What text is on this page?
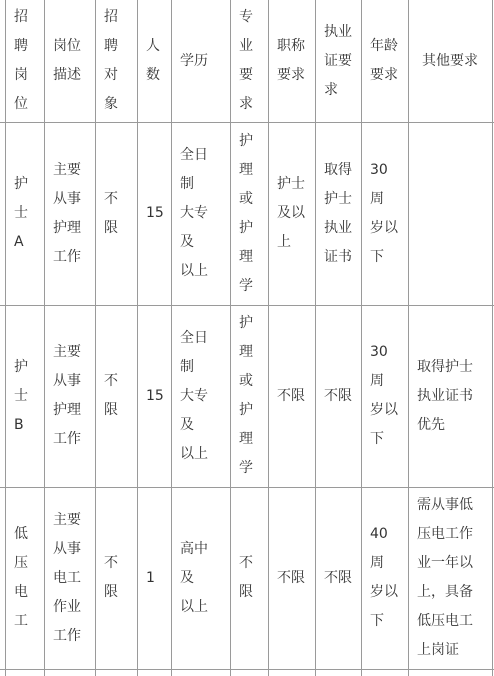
招
聘
岗
位
岗位
描述
招
聘
对
象
人
数
学历
专
业
要
求
职称
要求
执业
证要
求
年龄
要求
其他要求
护
士A
主要
从事
护理
工作
不
限
15
全日制
大专及
以上
护
理
或
护
理
学
护士
及以
上
取得
护士
执业
证书
30周
岁以
下
护
士B
主要
从事
护理
工作
不
限
15
全日制
大专及
以上
护
理
或
护
理
学
不限	不限
30周
岁以
下
取得护士
执业证书
优先
低
压
电
工
主要
从事
电工
作业
工作
不
限
1
高中及
以上
不
限
不限	不限
40周
岁以
下
需从事低
压电工作
业一年以
上，具备
低压电工
上岗证
